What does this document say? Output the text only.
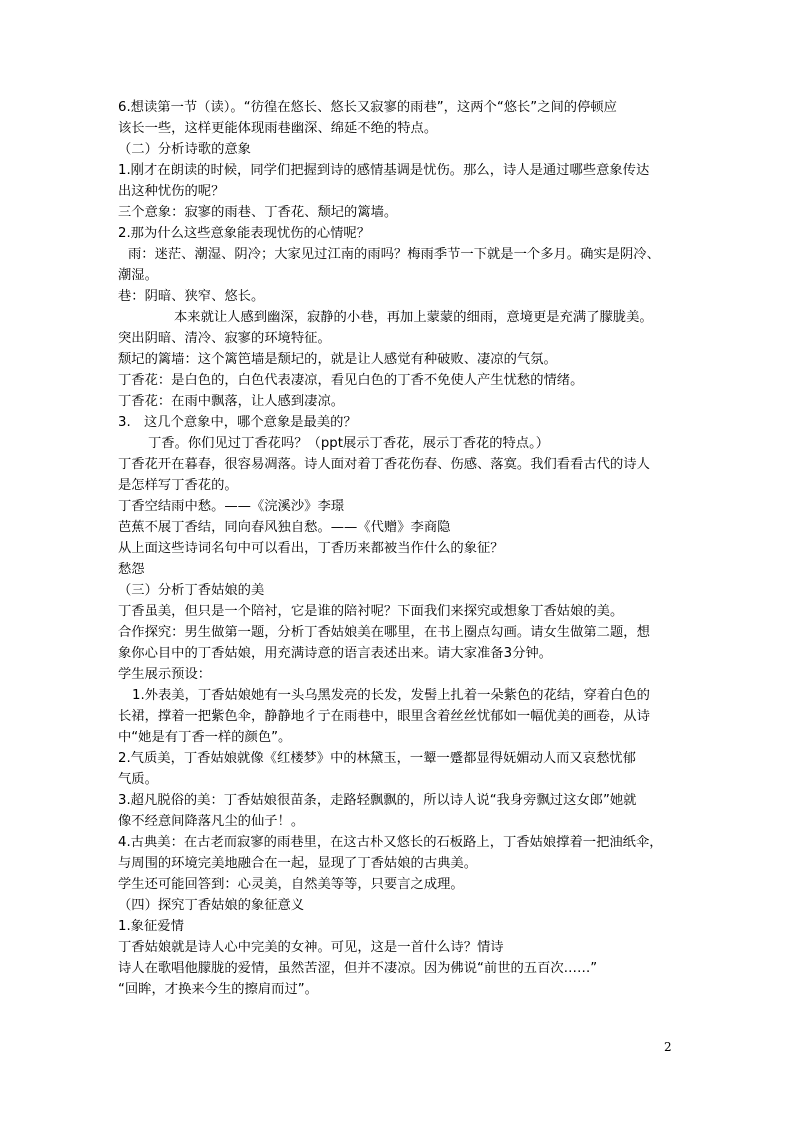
6.想读第一节（读）。“彷徨在悠长、悠长又寂寥的雨巷”，这两个“悠长”之间的停顿应
该长一些，这样更能体现雨巷幽深、绵延不绝的特点。
（二）分析诗歌的意象
1.刚才在朗读的时候，同学们把握到诗的感情基调是忧伤。那么，诗人是通过哪些意象传达
出这种忧伤的呢？
三个意象：寂寥的雨巷、丁香花、颓圮的篱墙。
2.那为什么这些意象能表现忧伤的心情呢？
雨：迷茫、潮湿、阴冷；大家见过江南的雨吗？梅雨季节一下就是一个多月。确实是阴冷、
潮湿。
巷：阴暗、狭窄、悠长。
本来就让人感到幽深，寂静的小巷，再加上蒙蒙的细雨，意境更是充满了朦胧美。
突出阴暗、清冷、寂寥的环境特征。
颓圮的篱墙：这个篱笆墙是颓圮的，就是让人感觉有种破败、凄凉的气氛。
丁香花：是白色的，白色代表凄凉，看见白色的丁香不免使人产生忧愁的情绪。
丁香花：在雨中飘落，让人感到凄凉。
3.　这几个意象中，哪个意象是最美的？
丁香。你们见过丁香花吗？（ppt展示丁香花，展示丁香花的特点。）
丁香花开在暮春，很容易凋落。诗人面对着丁香花伤春、伤感、落寞。我们看看古代的诗人
是怎样写丁香花的。
丁香空结雨中愁。——《浣溪沙》李璟
芭蕉不展丁香结，同向春风独自愁。——《代赠》李商隐
从上面这些诗词名句中可以看出，丁香历来都被当作什么的象征？
愁怨
（三）分析丁香姑娘的美
丁香虽美，但只是一个陪衬，它是谁的陪衬呢？下面我们来探究或想象丁香姑娘的美。
合作探究：男生做第一题，分析丁香姑娘美在哪里，在书上圈点勾画。请女生做第二题，想
象你心目中的丁香姑娘，用充满诗意的语言表述出来。请大家准备3分钟。
学生展示预设：
1.外表美，丁香姑娘她有一头乌黑发亮的长发，发髻上扎着一朵紫色的花结，穿着白色的
长裙，撑着一把紫色伞，静静地彳亍在雨巷中，眼里含着丝丝忧郁如一幅优美的画卷，从诗
中“她是有丁香一样的颜色”。
2.气质美，丁香姑娘就像《红楼梦》中的林黛玉，一颦一蹙都显得妩媚动人而又哀愁忧郁
气质。
3.超凡脱俗的美：丁香姑娘很苗条，走路轻飘飘的，所以诗人说“我身旁飘过这女郎”她就
像不经意间降落凡尘的仙子！。
4.古典美：在古老而寂寥的雨巷里，在这古朴又悠长的石板路上，丁香姑娘撑着一把油纸伞，
与周围的环境完美地融合在一起，显现了丁香姑娘的古典美。
学生还可能回答到：心灵美，自然美等等，只要言之成理。
（四）探究丁香姑娘的象征意义
1.象征爱情
丁香姑娘就是诗人心中完美的女神。可见，这是一首什么诗？情诗
诗人在歌唱他朦胧的爱情，虽然苦涩，但并不凄凉。因为佛说“前世的五百次……”
“回眸，才换来今生的擦肩而过”。
2
